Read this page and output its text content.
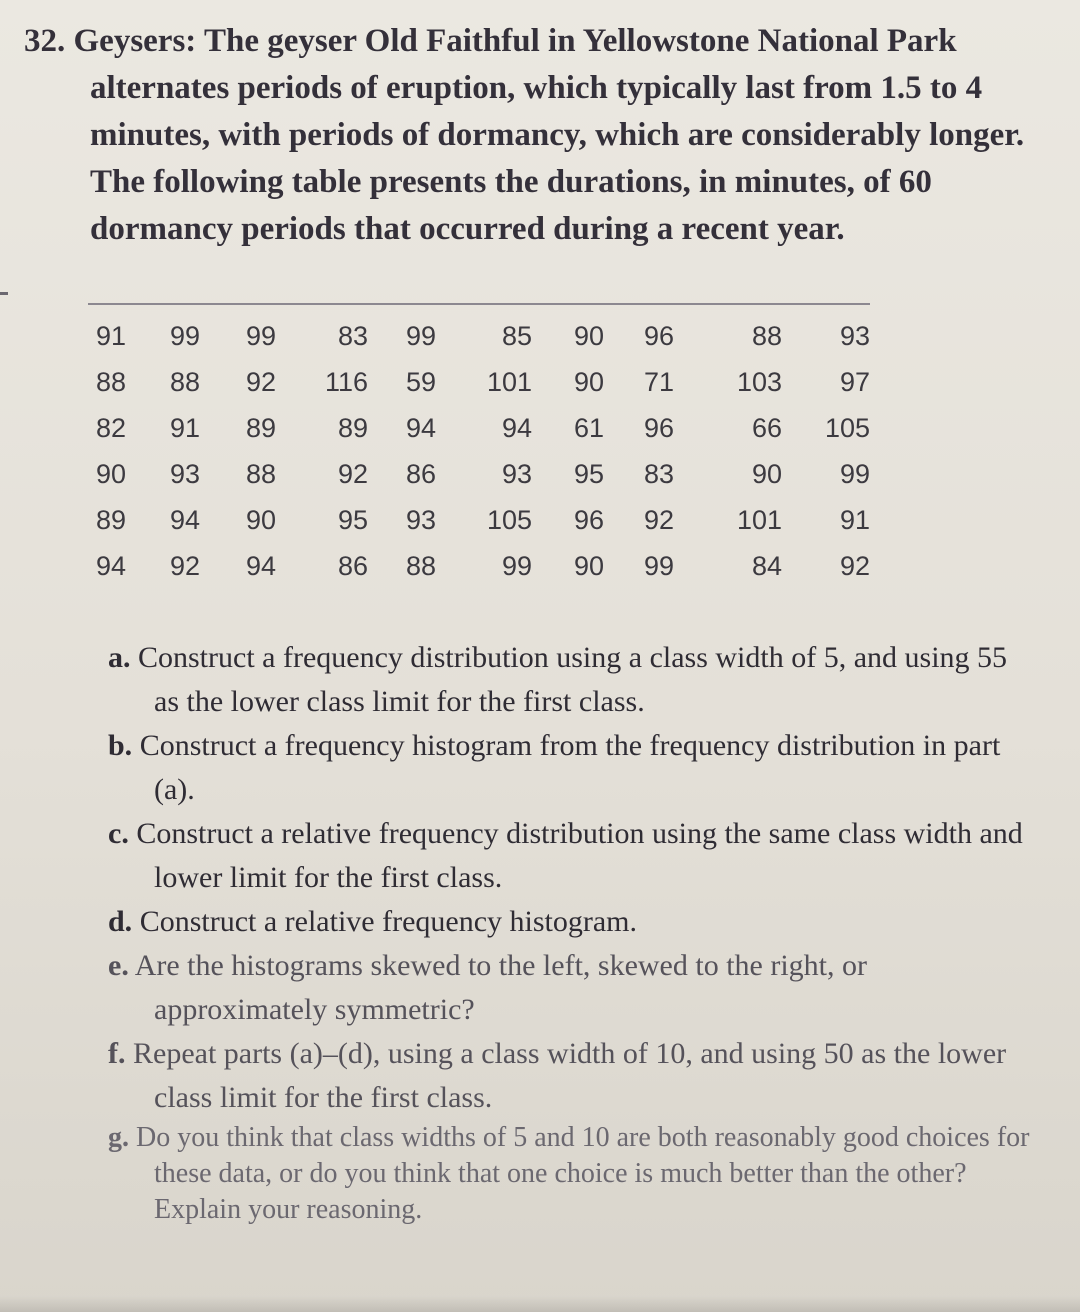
32. Geysers: The geyser Old Faithful in Yellowstone National Park alternates periods of eruption, which typically last from 1.5 to 4 minutes, with periods of dormancy, which are considerably longer. The following table presents the durations, in minutes, of 60 dormancy periods that occurred during a recent year.
91	99	99	83	99	85	90	96	88	93
88	88	92	116	59	101	90	71	103	97
82	91	89	89	94	94	61	96	66	105
90	93	88	92	86	93	95	83	90	99
89	94	90	95	93	105	96	92	101	91
94	92	94	86	88	99	90	99	84	92

a. Construct a frequency distribution using a class width of 5, and using 55 as the lower class limit for the first class.

b. Construct a frequency histogram from the frequency distribution in part (a).

c. Construct a relative frequency distribution using the same class width and lower limit for the first class.

d. Construct a relative frequency histogram.

e. Are the histograms skewed to the left, skewed to the right, or approximately symmetric?

f. Repeat parts (a)–(d), using a class width of 10, and using 50 as the lower class limit for the first class.

g. Do you think that class widths of 5 and 10 are both reasonably good choices for these data, or do you think that one choice is much better than the other? Explain your reasoning.
